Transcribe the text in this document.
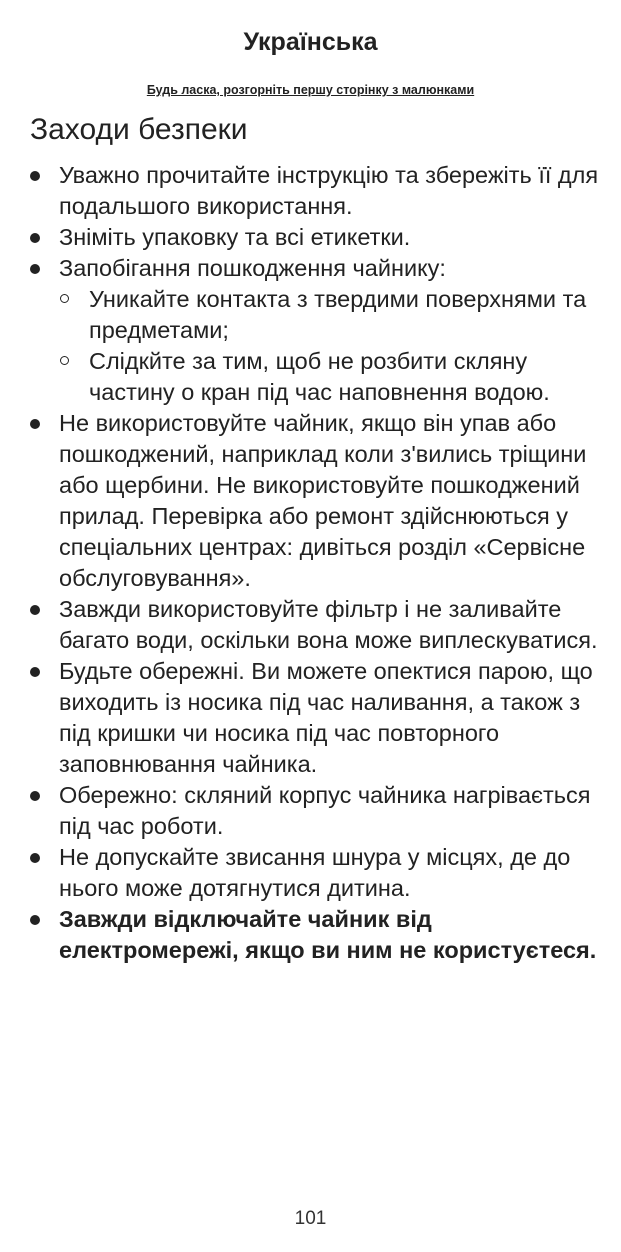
Українська
Будь ласка, розгорніть першу сторінку з малюнками
Заходи безпеки
Уважно прочитайте інструкцію та збережіть її для подальшого використання.
Зніміть упаковку та всі етикетки.
Запобігання пошкодження чайнику:
Уникайте контакта з твердими поверхнями та предметами;
Слідкйте за тим, щоб не розбити скляну частину о кран під час наповнення водою.
Не використовуйте чайник, якщо він упав або пошкоджений, наприклад коли з'вились тріщини або щербини. Не використовуйте пошкоджений прилад. Перевірка або ремонт здійснюються у спеціальних центрах: дивіться розділ «Сервісне обслуговування».
Завжди використовуйте фільтр і не заливайте багато води, оскільки вона може виплескуватися.
Будьте обережні. Ви можете опектися парою, що виходить із носика під час наливання, а також з під кришки чи носика під час повторного заповнювання чайника.
Обережно: скляний корпус чайника нагрівається під час роботи.
Не допускайте звисання шнура у місцях, де до нього може дотягнутися дитина.
Завжди відключайте чайник від електромережі, якщо ви ним не користуєтеся.
101
